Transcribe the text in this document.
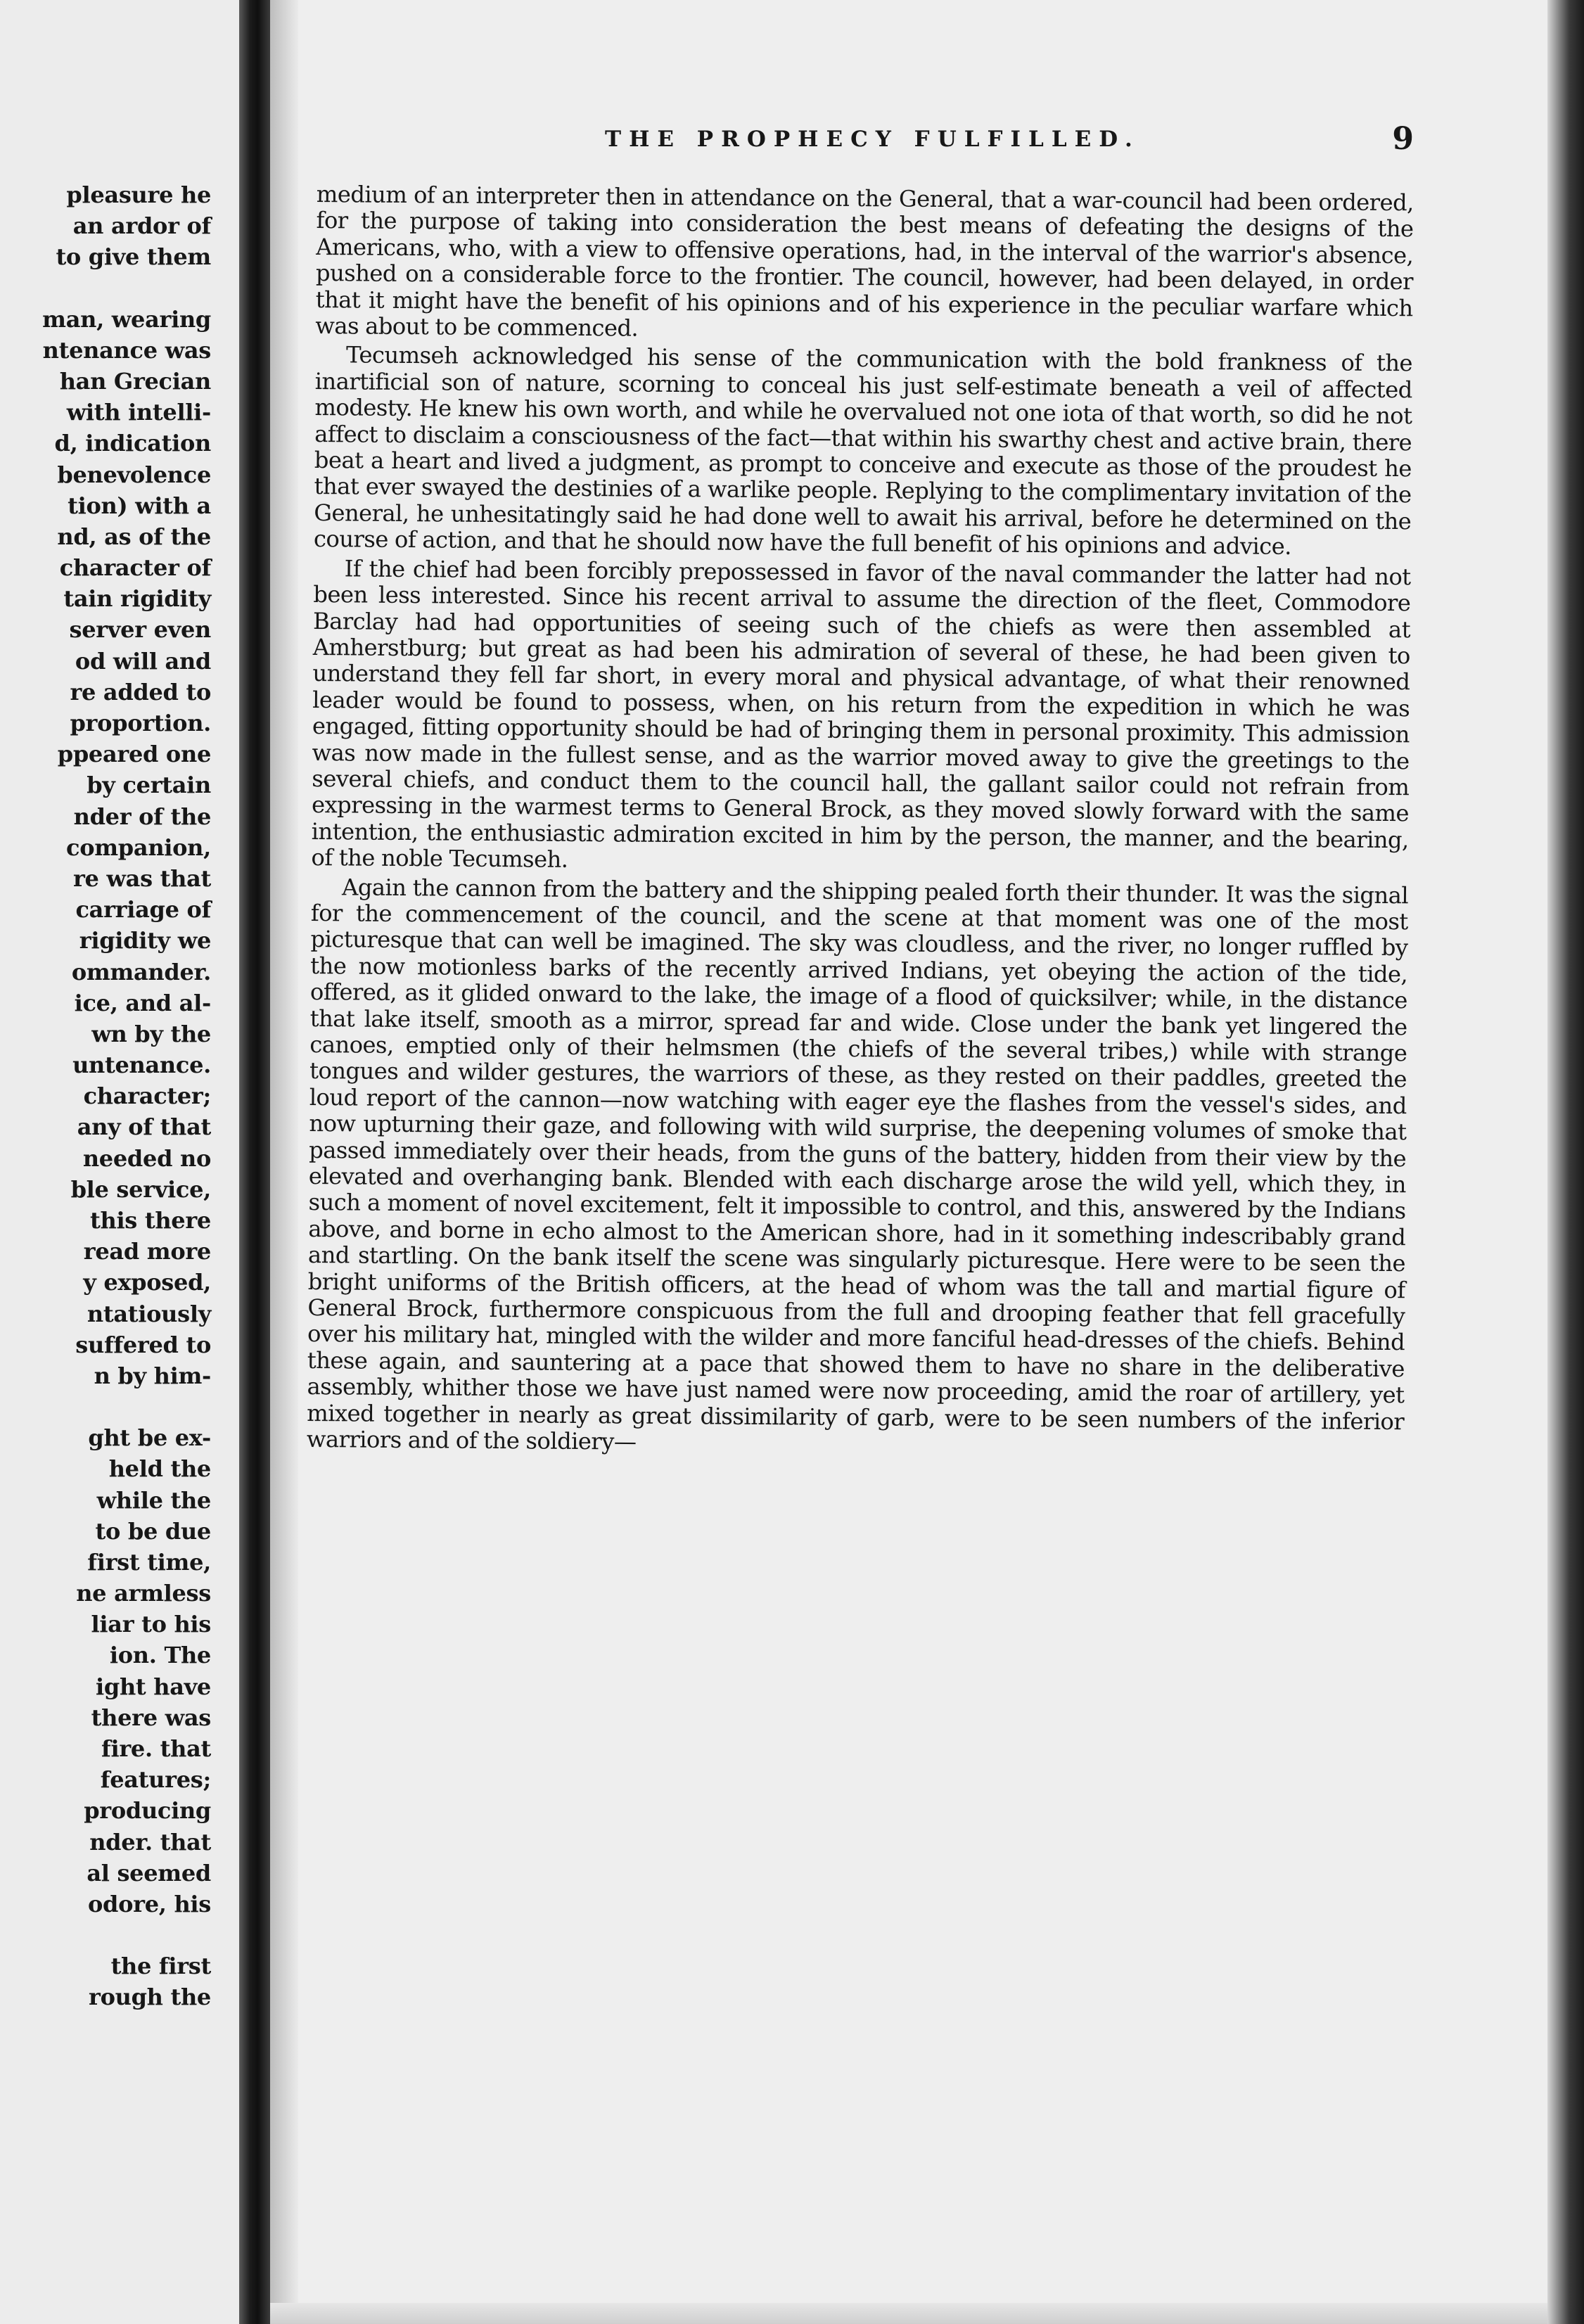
pleasure he
an ardor of
to give them
man, wearing
ntenance was
han Grecian
with intelli-
d, indication
benevolence
tion) with a
nd, as of the
character of
tain rigidity
server even
od will and
re added to
proportion.
ppeared one
by certain
nder of the
companion,
re was that
carriage of
rigidity we
ommander.
ice, and al-
wn by the
untenance.
character;
any of that
needed no
ble service,
this there
read more
y exposed,
ntatiously
suffered to
n by him-
ght be ex-
held the
while the
to be due
first time,
ne armless
liar to his
ion. The
ight have
there was
fire. that
features;
producing
nder. that
al seemed
odore, his
the first
rough the
THE PROPHECY FULFILLED.	9

medium of an interpreter then in attendance on the General, that a war-council had been ordered, for the purpose of taking into consideration the best means of defeating the designs of the Americans, who, with a view to offensive operations, had, in the interval of the warrior's absence, pushed on a considerable force to the frontier. The council, however, had been delayed, in order that it might have the benefit of his opinions and of his experience in the peculiar warfare which was about to be commenced.

Tecumseh acknowledged his sense of the communication with the bold frankness of the inartificial son of nature, scorning to conceal his just self-estimate beneath a veil of affected modesty. He knew his own worth, and while he overvalued not one iota of that worth, so did he not affect to disclaim a consciousness of the fact—that within his swarthy chest and active brain, there beat a heart and lived a judgment, as prompt to conceive and execute as those of the proudest he that ever swayed the destinies of a warlike people. Replying to the complimentary invitation of the General, he unhesitatingly said he had done well to await his arrival, before he determined on the course of action, and that he should now have the full benefit of his opinions and advice.

If the chief had been forcibly prepossessed in favor of the naval commander the latter had not been less interested. Since his recent arrival to assume the direction of the fleet, Commodore Barclay had had opportunities of seeing such of the chiefs as were then assembled at Amherstburg; but great as had been his admiration of several of these, he had been given to understand they fell far short, in every moral and physical advantage, of what their renowned leader would be found to possess, when, on his return from the expedition in which he was engaged, fitting opportunity should be had of bringing them in personal proximity. This admission was now made in the fullest sense, and as the warrior moved away to give the greetings to the several chiefs, and conduct them to the council hall, the gallant sailor could not refrain from expressing in the warmest terms to General Brock, as they moved slowly forward with the same intention, the enthusiastic admiration excited in him by the person, the manner, and the bearing, of the noble Tecumseh.

Again the cannon from the battery and the shipping pealed forth their thunder. It was the signal for the commencement of the council, and the scene at that moment was one of the most picturesque that can well be imagined. The sky was cloudless, and the river, no longer ruffled by the now motionless barks of the recently arrived Indians, yet obeying the action of the tide, offered, as it glided onward to the lake, the image of a flood of quicksilver; while, in the distance that lake itself, smooth as a mirror, spread far and wide. Close under the bank yet lingered the canoes, emptied only of their helmsmen (the chiefs of the several tribes,) while with strange tongues and wilder gestures, the warriors of these, as they rested on their paddles, greeted the loud report of the cannon—now watching with eager eye the flashes from the vessel's sides, and now upturning their gaze, and following with wild surprise, the deepening volumes of smoke that passed immediately over their heads, from the guns of the battery, hidden from their view by the elevated and overhanging bank. Blended with each discharge arose the wild yell, which they, in such a moment of novel excitement, felt it impossible to control, and this, answered by the Indians above, and borne in echo almost to the American shore, had in it something indescribably grand and startling. On the bank itself the scene was singularly picturesque. Here were to be seen the bright uniforms of the British officers, at the head of whom was the tall and martial figure of General Brock, furthermore conspicuous from the full and drooping feather that fell gracefully over his military hat, mingled with the wilder and more fanciful head-dresses of the chiefs. Behind these again, and sauntering at a pace that showed them to have no share in the deliberative assembly, whither those we have just named were now proceeding, amid the roar of artillery, yet mixed together in nearly as great dissimilarity of garb, were to be seen numbers of the inferior warriors and of the soldiery—
